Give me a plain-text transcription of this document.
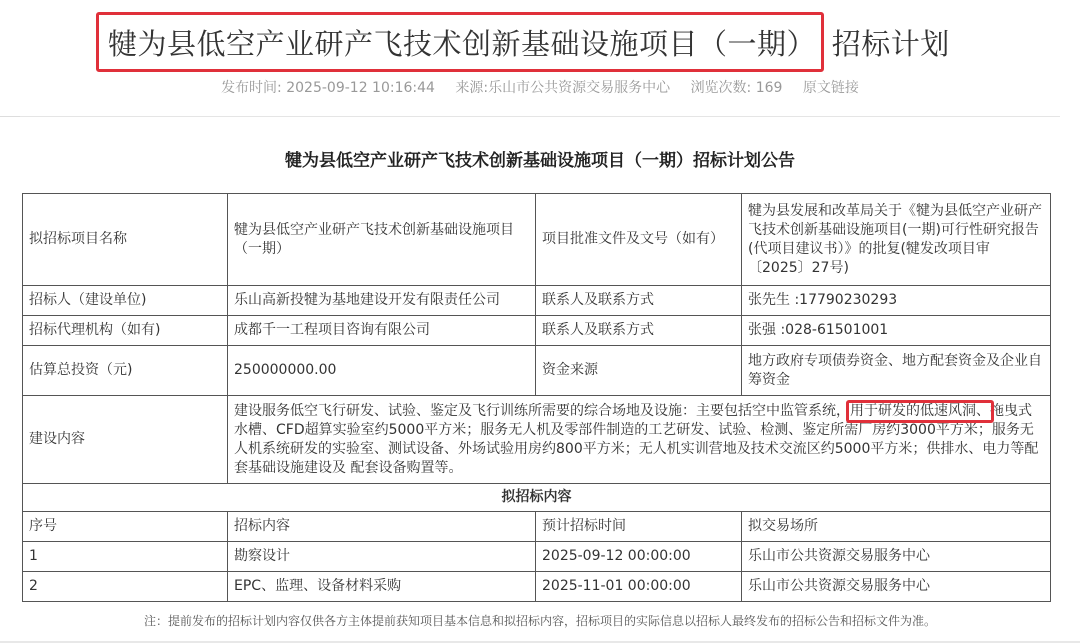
犍为县低空产业研产飞技术创新基础设施项目（一期） 招标计划
发布时间: 2025-09-12 10:16:44 来源:乐山市公共资源交易服务中心 浏览次数: 169 原文链接
犍为县低空产业研产飞技术创新基础设施项目（一期）招标计划公告
拟招标项目名称	犍为县低空产业研产飞技术创新基础设施项目（一期）	项目批准文件及文号（如有）	犍为县发展和改革局关于《犍为县低空产业研产飞技术创新基础设施项目(一期)可行性研究报告(代项目建议书）》的批复(犍发改项目审〔2025〕27号)
招标人（建设单位)	乐山高新投犍为基地建设开发有限责任公司	联系人及联系方式	张先生 :17790230293
招标代理机构（如有)	成都千一工程项目咨询有限公司	联系人及联系方式	张强 :028-61501001
估算总投资（元)	250000000.00	资金来源	地方政府专项债券资金、地方配套资金及企业自筹资金
建设内容	建设服务低空飞行研发、试验、鉴定及飞行训练所需要的综合场地及设施：主要包括空中监管系统，用于研发的低速风洞、拖曳式水槽、CFD超算实验室约5000平方米；服务无人机及零部件制造的工艺研发、试验、检测、鉴定所需厂房约3000平方米；服务无人机系统研发的实验室、测试设备、外场试验用房约800平方米；无人机实训营地及技术交流区约5000平方米；供排水、电力等配套基础设施建设及 配套设备购置等。		
拟招标内容			
序号	招标内容	预计招标时间	拟交易场所
1	勘察设计	2025-09-12 00:00:00	乐山市公共资源交易服务中心
2	EPC、监理、设备材料采购	2025-11-01 00:00:00	乐山市公共资源交易服务中心
注：提前发布的招标计划内容仅供各方主体提前获知项目基本信息和拟招标内容，招标项目的实际信息以招标人最终发布的招标公告和招标文件为准。
